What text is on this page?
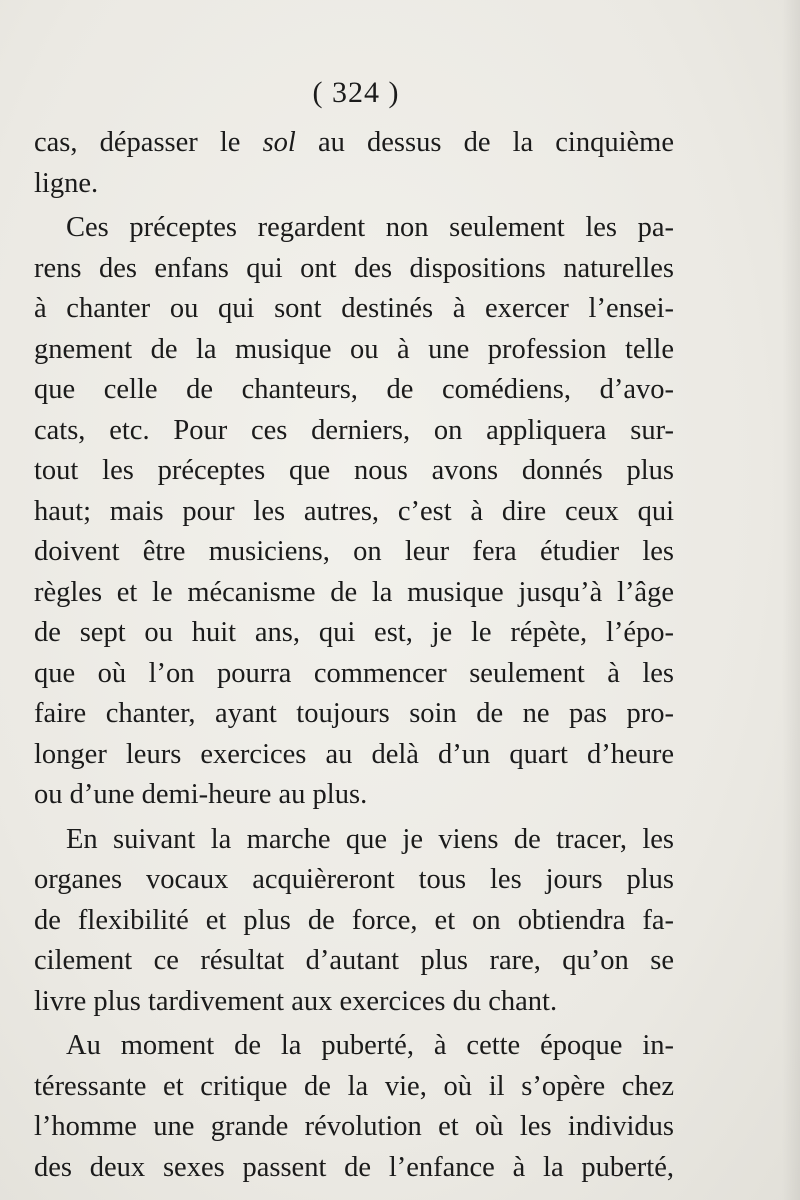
( 324 )
cas, dépasser le sol au dessus de la cinquième
ligne.
Ces préceptes regardent non seulement les pa-
rens des enfans qui ont des dispositions naturelles
à chanter ou qui sont destinés à exercer l’ensei-
gnement de la musique ou à une profession telle
que celle de chanteurs, de comédiens, d’avo-
cats, etc. Pour ces derniers, on appliquera sur-
tout les préceptes que nous avons donnés plus
haut; mais pour les autres, c’est à dire ceux qui
doivent être musiciens, on leur fera étudier les
règles et le mécanisme de la musique jusqu’à l’âge
de sept ou huit ans, qui est, je le répète, l’épo-
que où l’on pourra commencer seulement à les
faire chanter, ayant toujours soin de ne pas pro-
longer leurs exercices au delà d’un quart d’heure
ou d’une demi-heure au plus.
En suivant la marche que je viens de tracer, les
organes vocaux acquièreront tous les jours plus
de flexibilité et plus de force, et on obtiendra fa-
cilement ce résultat d’autant plus rare, qu’on se
livre plus tardivement aux exercices du chant.
Au moment de la puberté, à cette époque in-
téressante et critique de la vie, où il s’opère chez
l’homme une grande révolution et où les individus
des deux sexes passent de l’enfance à la puberté,
